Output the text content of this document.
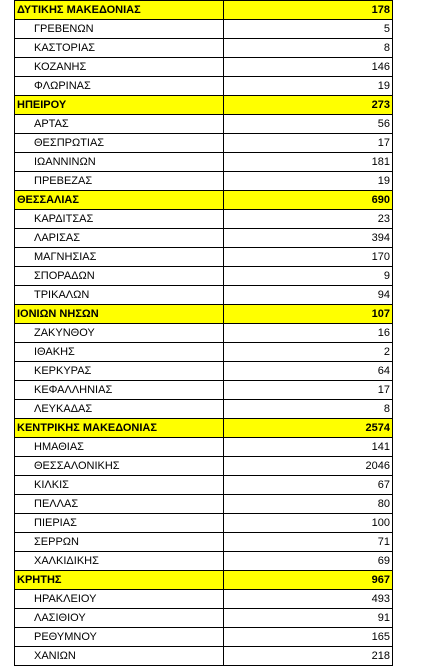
ΔΥΤΙΚΗΣ ΜΑΚΕΔΟΝΙΑΣ	178
ΓΡΕΒΕΝΩΝ	5
ΚΑΣΤΟΡΙΑΣ	8
ΚΟΖΑΝΗΣ	146
ΦΛΩΡΙΝΑΣ	19
ΗΠΕΙΡΟΥ	273
ΑΡΤΑΣ	56
ΘΕΣΠΡΩΤΙΑΣ	17
ΙΩΑΝΝΙΝΩΝ	181
ΠΡΕΒΕΖΑΣ	19
ΘΕΣΣΑΛΙΑΣ	690
ΚΑΡΔΙΤΣΑΣ	23
ΛΑΡΙΣΑΣ	394
ΜΑΓΝΗΣΙΑΣ	170
ΣΠΟΡΑΔΩΝ	9
ΤΡΙΚΑΛΩΝ	94
ΙΟΝΙΩΝ ΝΗΣΩΝ	107
ΖΑΚΥΝΘΟΥ	16
ΙΘΑΚΗΣ	2
ΚΕΡΚΥΡΑΣ	64
ΚΕΦΑΛΛΗΝΙΑΣ	17
ΛΕΥΚΑΔΑΣ	8
ΚΕΝΤΡΙΚΗΣ ΜΑΚΕΔΟΝΙΑΣ	2574
ΗΜΑΘΙΑΣ	141
ΘΕΣΣΑΛΟΝΙΚΗΣ	2046
ΚΙΛΚΙΣ	67
ΠΕΛΛΑΣ	80
ΠΙΕΡΙΑΣ	100
ΣΕΡΡΩΝ	71
ΧΑΛΚΙΔΙΚΗΣ	69
ΚΡΗΤΗΣ	967
ΗΡΑΚΛΕΙΟΥ	493
ΛΑΣΙΘΙΟΥ	91
ΡΕΘΥΜΝΟΥ	165
ΧΑΝΙΩΝ	218
